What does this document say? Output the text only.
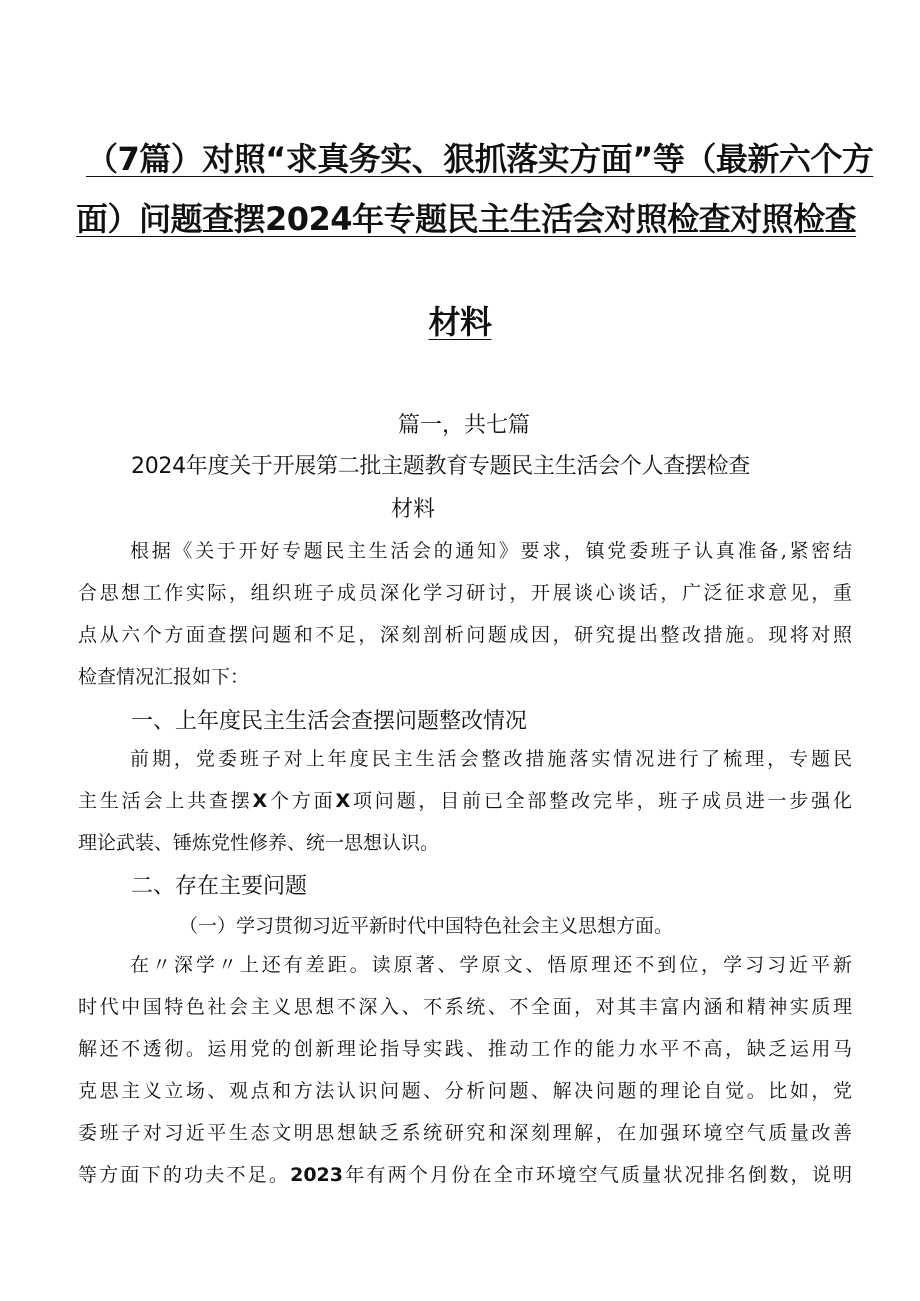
（7篇）对照“求真务实、狠抓落实方面”等（最新六个方
面）问题查摆2024年专题民主生活会对照检查对照检查
材料

篇一，共七篇

2024年度关于开展第二批主题教育专题民主生活会个人查摆检查

材料

根据《关于开好专题民主生活会的通知》要求，镇党委班子认真准备,紧密结

合思想工作实际，组织班子成员深化学习研讨，开展谈心谈话，广泛征求意见，重

点从六个方面查摆问题和不足，深刻剖析问题成因，研究提出整改措施。现将对照

检查情况汇报如下：

一、上年度民主生活会查摆问题整改情况

前期，党委班子对上年度民主生活会整改措施落实情况进行了梳理，专题民

主生活会上共查摆X个方面X项问题，目前已全部整改完毕，班子成员进一步强化

理论武装、锤炼党性修养、统一思想认识。

二、存在主要问题

（一）学习贯彻习近平新时代中国特色社会主义思想方面。

在〃深学〃上还有差距。读原著、学原文、悟原理还不到位，学习习近平新

时代中国特色社会主义思想不深入、不系统、不全面，对其丰富内涵和精神实质理

解还不透彻。运用党的创新理论指导实践、推动工作的能力水平不高，缺乏运用马

克思主义立场、观点和方法认识问题、分析问题、解决问题的理论自觉。比如，党

委班子对习近平生态文明思想缺乏系统研究和深刻理解，在加强环境空气质量改善

等方面下的功夫不足。2023年有两个月份在全市环境空气质量状况排名倒数，说明
